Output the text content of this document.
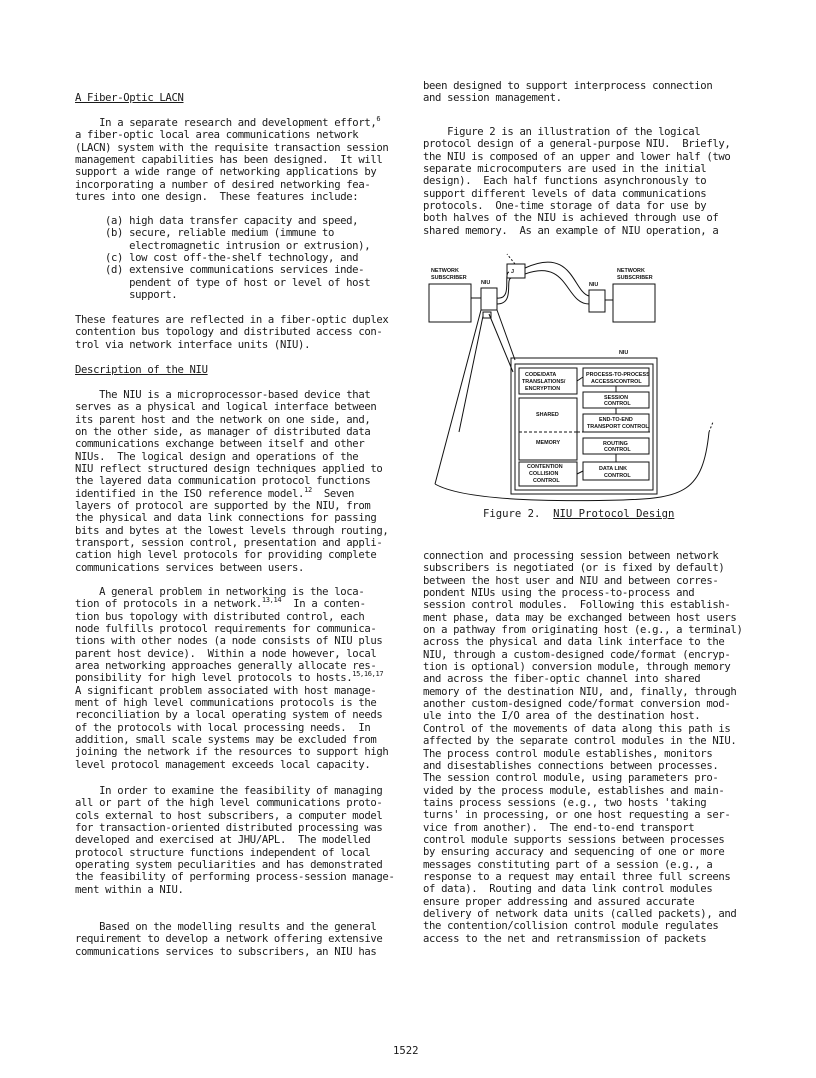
A Fiber-Optic LACN
In a separate research and development effort,$^6$
a fiber-optic local area communications network
(LACN) system with the requisite transaction session
management capabilities has been designed.  It will
support a wide range of networking applications by
incorporating a number of desired networking fea-
tures into one design.  These features include:
(a) high data transfer capacity and speed,
(b) secure, reliable medium (immune to
electromagnetic intrusion or extrusion),
(c) low cost off-the-shelf technology, and
(d) extensive communications services inde-
pendent of type of host or level of host
support.
These features are reflected in a fiber-optic duplex
contention bus topology and distributed access con-
trol via network interface units (NIU).
Description of the NIU
The NIU is a microprocessor-based device that
serves as a physical and logical interface between
its parent host and the network on one side, and,
on the other side, as manager of distributed data
communications exchange between itself and other
NIUs.  The logical design and operations of the
NIU reflect structured design techniques applied to
the layered data communication protocol functions
identified in the ISO reference model.$^{12}$  Seven
layers of protocol are supported by the NIU, from
the physical and data link connections for passing
bits and bytes at the lowest levels through routing,
transport, session control, presentation and appli-
cation high level protocols for providing complete
communications services between users.
A general problem in networking is the loca-
tion of protocols in a network.$^{13,14}$  In a conten-
tion bus topology with distributed control, each
node fulfills protocol requirements for communica-
tions with other nodes (a node consists of NIU plus
parent host device).  Within a node however, local
area networking approaches generally allocate res-
ponsibility for high level protocols to hosts.$^{15,16,17}$
A significant problem associated with host manage-
ment of high level communications protocols is the
reconciliation by a local operating system of needs
of the protocols with local processing needs.  In
addition, small scale systems may be excluded from
joining the network if the resources to support high
level protocol management exceeds local capacity.
In order to examine the feasibility of managing
all or part of the high level communications proto-
cols external to host subscribers, a computer model
for transaction-oriented distributed processing was
developed and exercised at JHU/APL.  The modelled
protocol structure functions independent of local
operating system peculiarities and has demonstrated
the feasibility of performing process-session manage-
ment within a NIU.
Based on the modelling results and the general
requirement to develop a network offering extensive
communications services to subscribers, an NIU has
been designed to support interprocess connection
and session management.
Figure 2 is an illustration of the logical
protocol design of a general-purpose NIU.  Briefly,
the NIU is composed of an upper and lower half (two
separate microcomputers are used in the initial
design).  Each half functions asynchronously to
support different levels of data communications
protocols.  One-time storage of data for use by
both halves of the NIU is achieved through use of
shared memory.  As an example of NIU operation, a
connection and processing session between network
subscribers is negotiated (or is fixed by default)
between the host user and NIU and between corres-
pondent NIUs using the process-to-process and
session control modules.  Following this establish-
ment phase, data may be exchanged between host users
on a pathway from originating host (e.g., a terminal)
across the physical and data link interface to the
NIU, through a custom-designed code/format (encryp-
tion is optional) conversion module, through memory
and across the fiber-optic channel into shared
memory of the destination NIU, and, finally, through
another custom-designed code/format conversion mod-
ule into the I/O area of the destination host.
Control of the movements of data along this path is
affected by the separate control modules in the NIU.
The process control module establishes, monitors
and disestablishes connections between processes.
The session control module, using parameters pro-
vided by the process module, establishes and main-
tains process sessions (e.g., two hosts 'taking
turns' in processing, or one host requesting a ser-
vice from another).  The end-to-end transport
control module supports sessions between processes
by ensuring accuracy and sequencing of one or more
messages constituting part of a session (e.g., a
response to a request may entail three full screens
of data).  Routing and data link control modules
ensure proper addressing and assured accurate
delivery of network data units (called packets), and
the contention/collision control module regulates
access to the net and retransmission of packets
NETWORK
SUBSCRIBER
NIU
J
NIU
NETWORK
SUBSCRIBER
NIU
CODE/DATA
TRANSLATIONS/
ENCRYPTION
PROCESS-TO-PROCESS
ACCESS/CONTROL
SESSION
CONTROL
SHARED
END-TO-END
TRANSPORT CONTROL
MEMORY	ROUTING
CONTROL
CONTENTION
COLLISION
CONTROL
DATA LINK
CONTROL
Figure 2. NIU Protocol Design
1522
